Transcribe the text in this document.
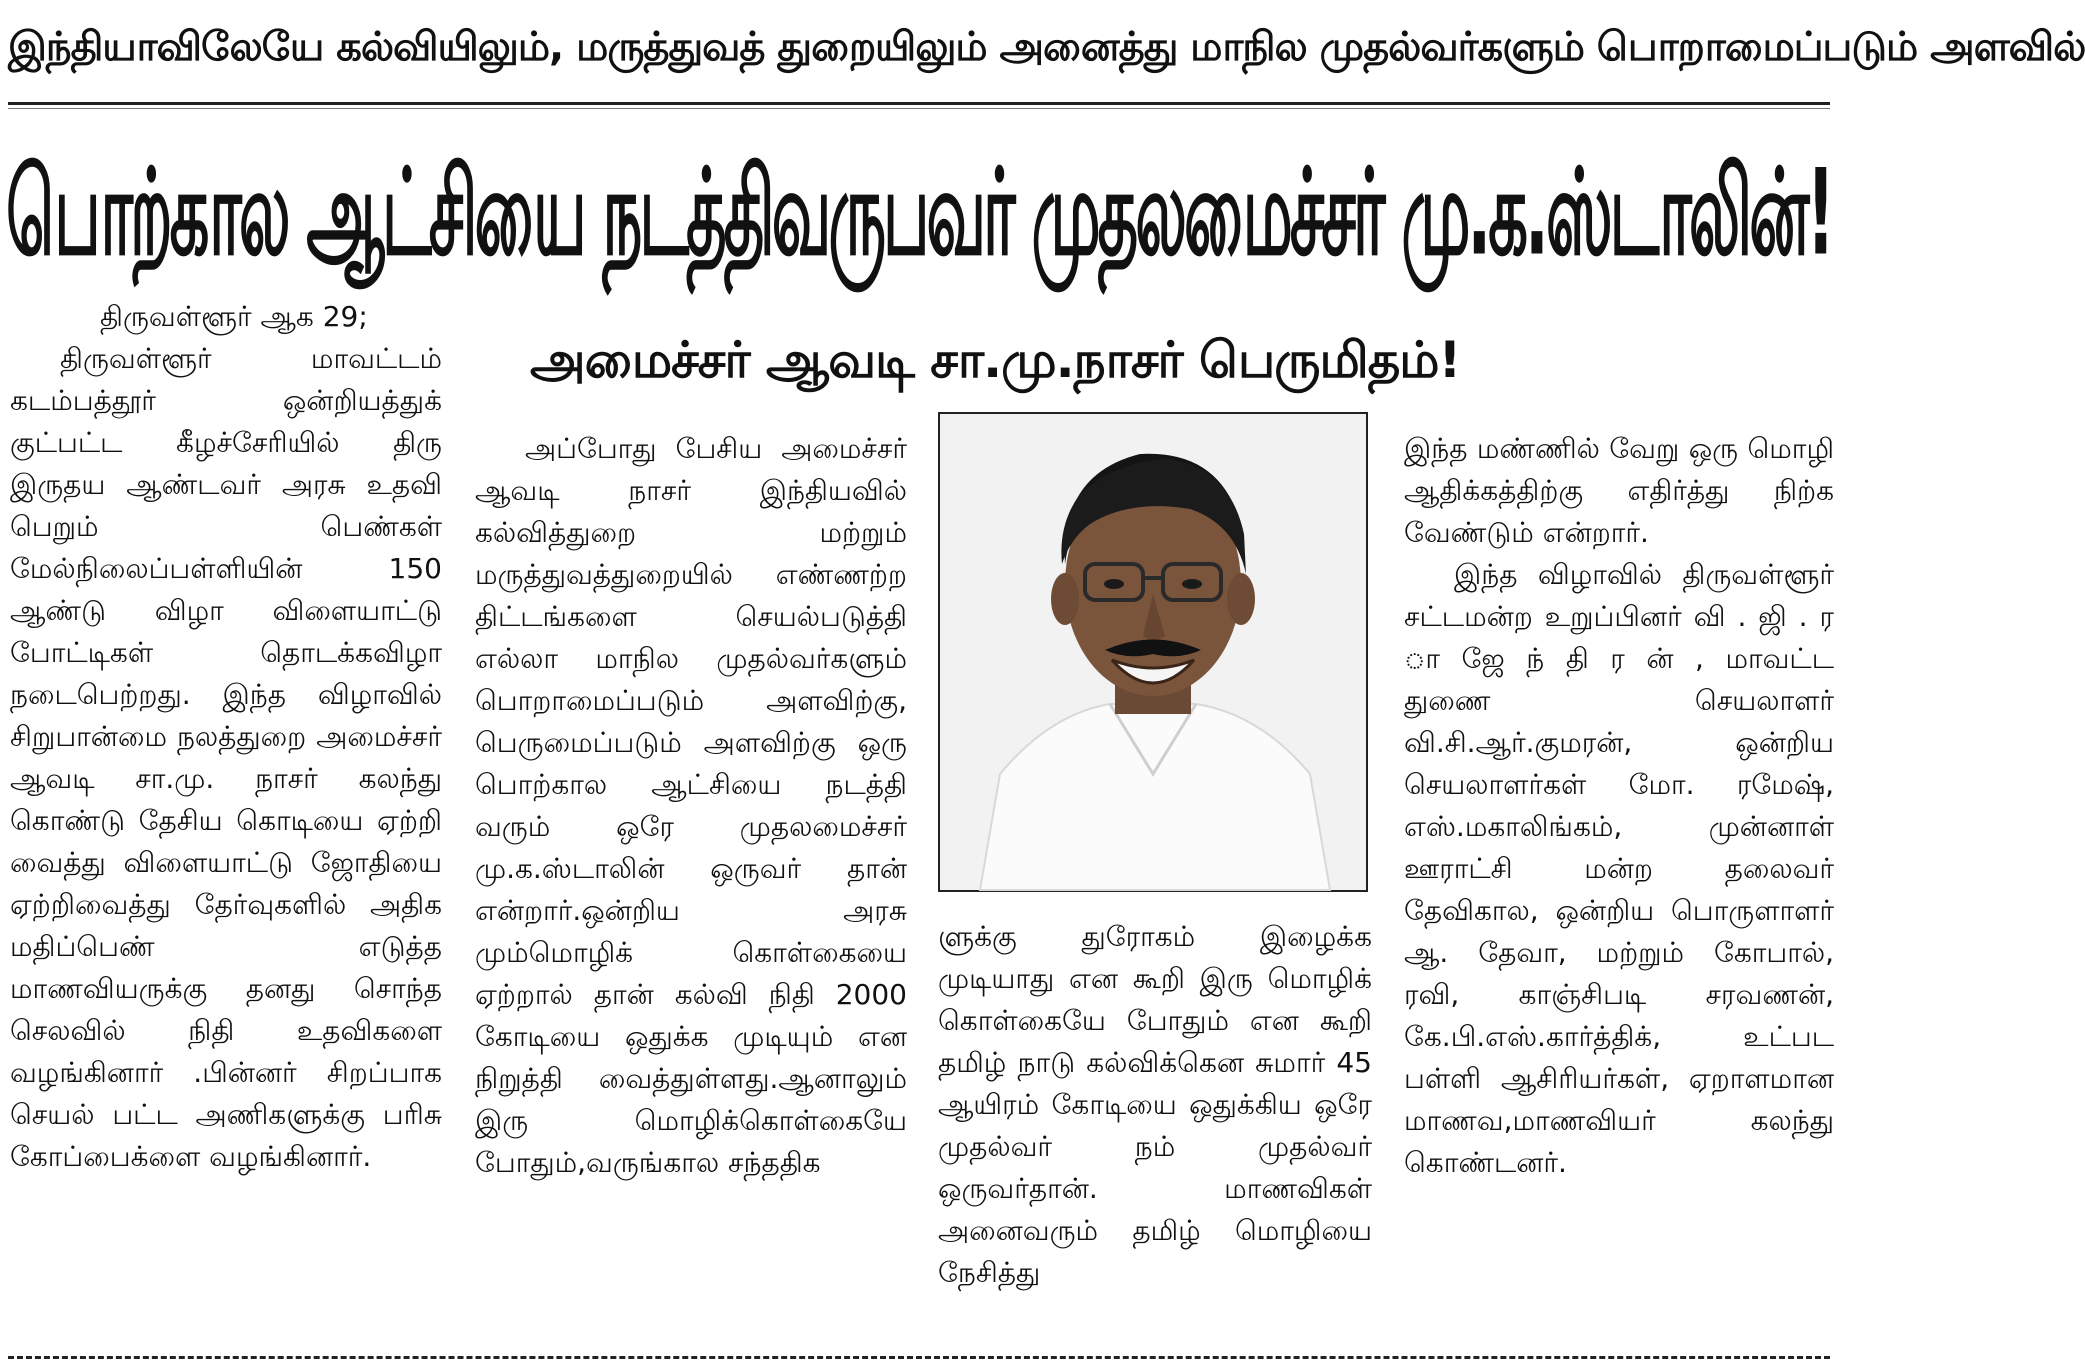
இந்தியாவிலேயே கல்வியிலும், மருத்துவத் துறையிலும் அனைத்து மாநில முதல்வர்களும் பொறாமைப்படும் அளவில்
பொற்கால ஆட்சியை நடத்திவருபவர் முதலமைச்சர் மு.க.ஸ்டாலின்!
அமைச்சர் ஆவடி சா.மு.நாசர் பெருமிதம்!

திருவள்ளூர் ஆக 29;

திருவள்ளூர் மாவட்டம் கடம்பத்தூர் ஒன்றியத்துக் குட்பட்ட கீழச்சேரியில் திரு இருதய ஆண்டவர் அரசு உதவி பெறும் பெண்கள் மேல்நிலைப்பள்ளியின் 150 ஆண்டு விழா விளையாட்டு போட்டிகள் தொடக்கவிழா நடைபெற்றது. இந்த விழாவில் சிறுபான்மை நலத்துறை அமைச்சர் ஆவடி சா.மு. நாசர் கலந்து கொண்டு தேசிய கொடியை ஏற்றி வைத்து விளையாட்டு ஜோதியை ஏற்றிவைத்து தேர்வுகளில் அதிக மதிப்பெண் எடுத்த மாணவியருக்கு தனது சொந்த செலவில் நிதி உதவிகளை வழங்கினார் .பின்னர் சிறப்பாக செயல் பட்ட அணிகளுக்கு பரிசு கோப்பைக்ளை வழங்கினார்.

அப்போது பேசிய அமைச்சர் ஆவடி நாசர் இந்தியவில் கல்வித்துறை மற்றும் மருத்துவத்துறையில் எண்ணற்ற திட்டங்களை செயல்படுத்தி எல்லா மாநில முதல்வர்களும் பொறாமைப்படும் அளவிற்கு, பெருமைப்படும் அளவிற்கு ஒரு பொற்கால ஆட்சியை நடத்தி வரும் ஒரே முதலமைச்சர் மு.க.ஸ்டாலின் ஒருவர் தான் என்றார்.ஒன்றிய அரசு மும்மொழிக் கொள்கையை ஏற்றால் தான் கல்வி நிதி 2000 கோடியை ஒதுக்க முடியும் என நிறுத்தி வைத்துள்ளது.ஆனாலும் இரு மொழிக்கொள்கையே போதும்,வருங்கால சந்ததிக

ளுக்கு துரோகம் இழைக்க முடியாது என கூறி இரு மொழிக் கொள்கையே போதும் என கூறி தமிழ் நாடு கல்விக்கென சுமார் 45 ஆயிரம் கோடியை ஒதுக்கிய ஒரே முதல்வர் நம் முதல்வர் ஒருவர்தான். மாணவிகள் அனைவரும் தமிழ் மொழியை நேசித்து

இந்த மண்ணில் வேறு ஒரு மொழி ஆதிக்கத்திற்கு எதிர்த்து நிற்க வேண்டும் என்றார்.

இந்த விழாவில் திருவள்ளூர் சட்டமன்ற உறுப்பினர் வி . ஜி . ர ா ஜே ந் தி ர ன் , மாவட்ட துணை செயலாளர் வி.சி.ஆர்.குமரன், ஒன்றிய செயலாளர்கள் மோ. ரமேஷ், எஸ்.மகாலிங்கம், முன்னாள் ஊராட்சி மன்ற தலைவர் தேவிகால, ஒன்றிய பொருளாளர் ஆ. தேவா, மற்றும் கோபால், ரவி, காஞ்சிபடி சரவணன், கே.பி.எஸ்.கார்த்திக், உட்பட பள்ளி ஆசிரியர்கள், ஏறாளமான மாணவ,மாணவியர் கலந்து கொண்டனர்.
